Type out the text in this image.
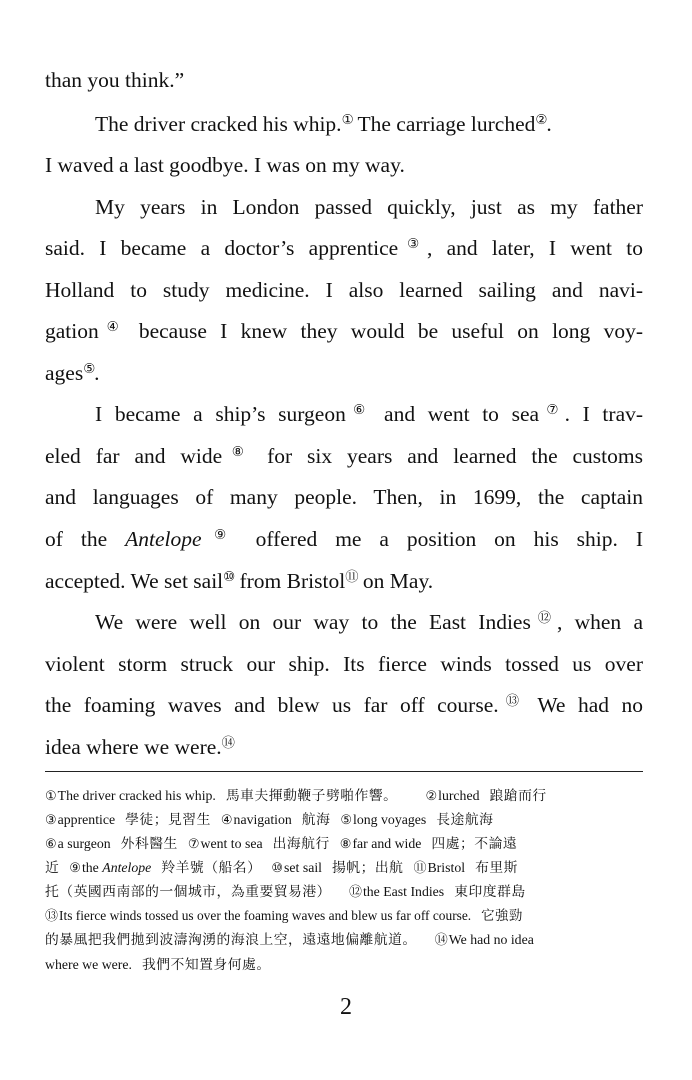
than you think.”
The driver cracked his whip.① The carriage lurched②.
I waved a last goodbye. I was on my way.
My years in London passed quickly, just as my father
said. I became a doctor’s apprentice③, and later, I went to
Holland to study medicine. I also learned sailing and navi-
gation④ because I knew they would be useful on long voy-
ages⑤.
I became a ship’s surgeon⑥ and went to sea⑦. I trav-
eled far and wide⑧ for six years and learned the customs
and languages of many people. Then, in 1699, the captain
of the Antelope⑨ offered me a position on his ship. I
accepted. We set sail⑩ from Bristol⑪ on May.
We were well on our way to the East Indies⑫, when a
violent storm struck our ship. Its fierce winds tossed us over
the foaming waves and blew us far off course.⑬ We had no
idea where we were.⑭
①The driver cracked his whip. 馬車夫揮動鞭子劈啪作響。 ②lurched 踉蹌而行
③apprentice 學徒；見習生 ④navigation 航海 ⑤long voyages 長途航海
⑥a surgeon 外科醫生 ⑦went to sea 出海航行 ⑧far and wide 四處；不論遠
近 ⑨the Antelope 羚羊號（船名） ⑩set sail 揚帆；出航 ⑪Bristol 布里斯
托（英國西南部的一個城市，為重要貿易港） ⑫the East Indies 東印度群島
⑬Its fierce winds tossed us over the foaming waves and blew us far off course. 它強勁
的暴風把我們拋到波濤洶湧的海浪上空，遠遠地偏離航道。 ⑭We had no idea
where we were. 我們不知置身何處。
2
